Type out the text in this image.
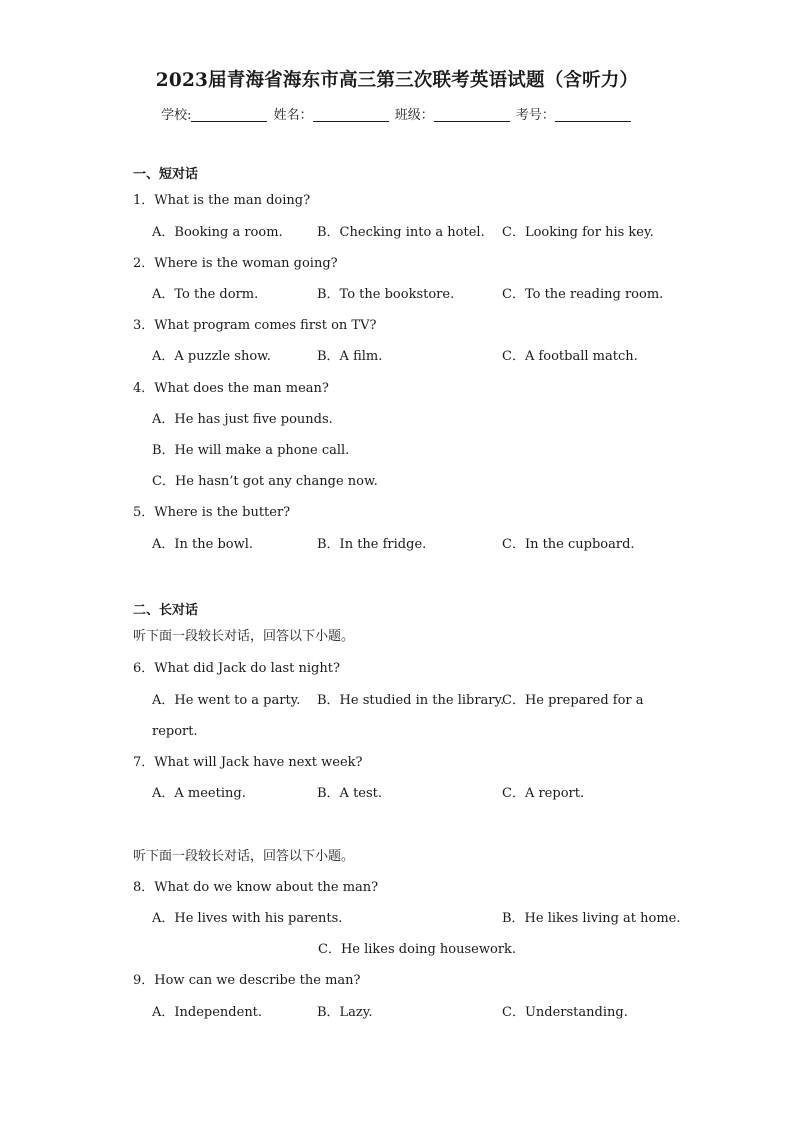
2023届青海省海东市高三第三次联考英语试题（含听力）
学校:	姓名：	班级：	考号：
一、短对话
1．What is the man doing?
A．Booking a room.	B．Checking into a hotel. C．Looking for his key.
2．Where is the woman going?
A．To the dorm.	B．To the bookstore.	C．To the reading room.
3．What program comes first on TV?
A．A puzzle show.	B．A film.	C．A football match.
4．What does the man mean?
A．He has just five pounds.
B．He will make a phone call.
C．He hasn’t got any change now.
5．Where is the butter?
A．In the bowl.	B．In the fridge.	C．In the cupboard.
二、长对话
听下面一段较长对话，回答以下小题。
6．What did Jack do last night?
A．He went to a party. B．He studied in the library.
C．He prepared for a
report.
7．What will Jack have next week?
A．A meeting.	B．A test.	C．A report.
听下面一段较长对话，回答以下小题。
8．What do we know about the man?
A．He lives with his parents.	B．He likes living at home.
C．He likes doing housework.
9．How can we describe the man?
A．Independent.	B．Lazy.	C．Understanding.
